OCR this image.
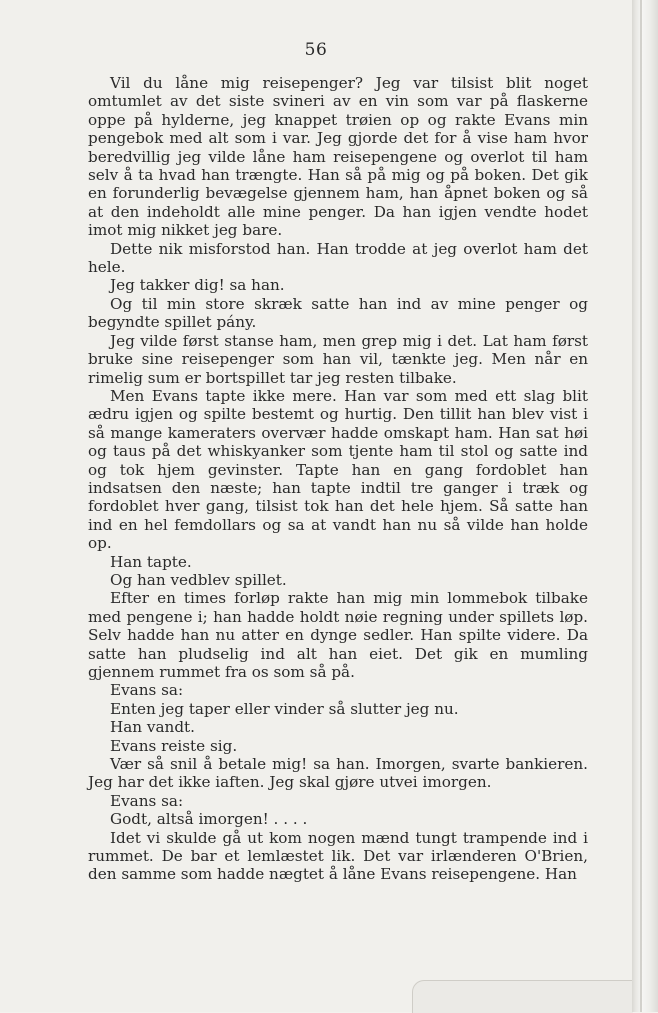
56

Vil du låne mig reisepenger? Jeg var tilsist blit noget omtumlet av det siste svineri av en vin som var på flaskerne oppe på hylderne, jeg knappet trøien op og rakte Evans min pengebok med alt som i var. Jeg gjorde det for å vise ham hvor beredvillig jeg vilde låne ham reisepengene og overlot til ham selv å ta hvad han trængte. Han så på mig og på boken. Det gik en forunderlig bevægelse gjennem ham, han åpnet boken og så at den indeholdt alle mine penger. Da han igjen vendte hodet imot mig nikket jeg bare.

Dette nik misforstod han. Han trodde at jeg overlot ham det hele.

Jeg takker dig! sa han.

Og til min store skræk satte han ind av mine penger og begyndte spillet pány.

Jeg vilde først stanse ham, men grep mig i det. Lat ham først bruke sine reisepenger som han vil, tænkte jeg. Men når en rimelig sum er bortspillet tar jeg resten tilbake.

Men Evans tapte ikke mere. Han var som med ett slag blit ædru igjen og spilte bestemt og hurtig. Den tillit han blev vist i så mange kameraters overvær hadde omskapt ham. Han sat høi og taus på det whiskyanker som tjente ham til stol og satte ind og tok hjem gevinster. Tapte han en gang fordoblet han indsatsen den næste; han tapte indtil tre ganger i træk og fordoblet hver gang, tilsist tok han det hele hjem. Så satte han ind en hel femdollars og sa at vandt han nu så vilde han holde op.

Han tapte.

Og han vedblev spillet.

Efter en times forløp rakte han mig min lommebok tilbake med pengene i; han hadde holdt nøie regning under spillets løp. Selv hadde han nu atter en dynge sedler. Han spilte videre. Da satte han pludselig ind alt han eiet. Det gik en mumling gjennem rummet fra os som så på.

Evans sa:

Enten jeg taper eller vinder så slutter jeg nu.

Han vandt.

Evans reiste sig.

Vær så snil å betale mig! sa han. Imorgen, svarte bankieren. Jeg har det ikke iaften. Jeg skal gjøre utvei imorgen.

Evans sa:

Godt, altså imorgen! . . . .

Idet vi skulde gå ut kom nogen mænd tungt trampende ind i rummet. De bar et lemlæstet lik. Det var irlænderen O'Brien, den samme som hadde nægtet å låne Evans reisepengene. Han
